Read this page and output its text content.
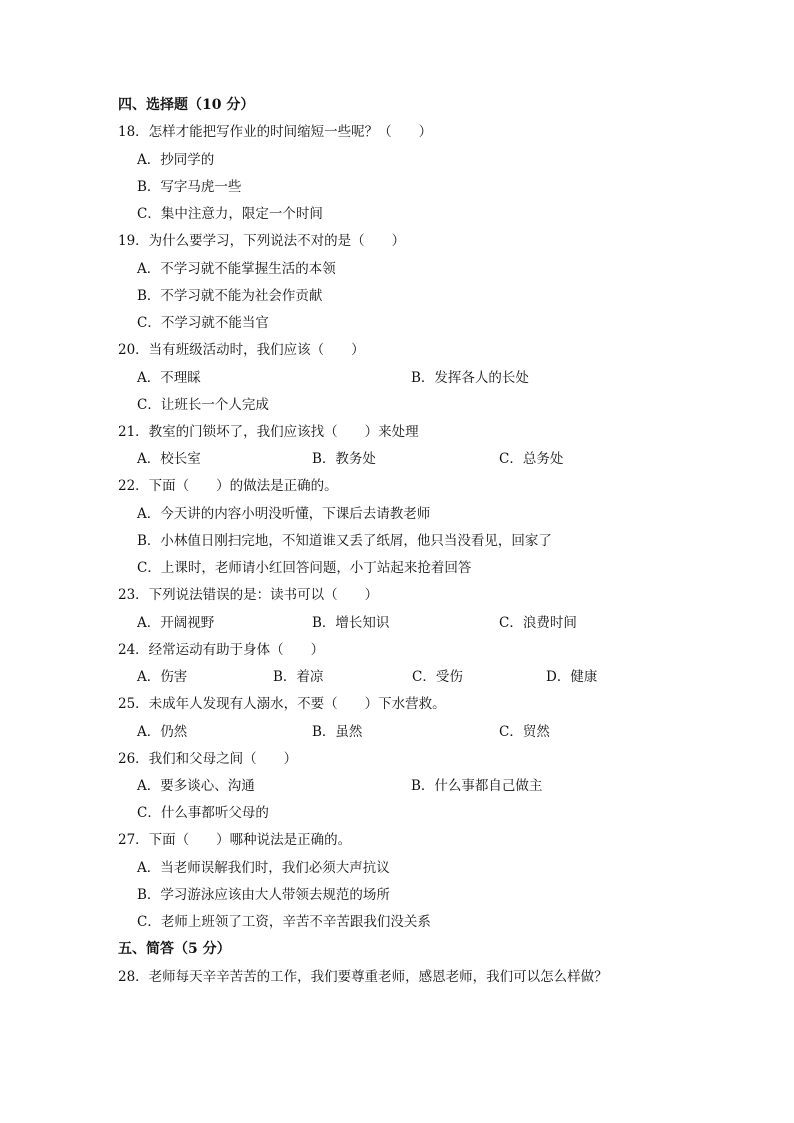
四、选择题（10 分）
18．怎样才能把写作业的时间缩短一些呢？（　　）
A．抄同学的
B．写字马虎一些
C．集中注意力，限定一个时间
19．为什么要学习，下列说法不对的是（　　）
A．不学习就不能掌握生活的本领
B．不学习就不能为社会作贡献
C．不学习就不能当官
20．当有班级活动时，我们应该（　　）
A．不理睬	B．发挥各人的长处
C．让班长一个人完成
21．教室的门锁坏了，我们应该找（　　）来处理
A．校长室	B．教务处	C．总务处
22．下面（　　）的做法是正确的。
A．今天讲的内容小明没听懂，下课后去请教老师
B．小林值日刚扫完地，不知道谁又丢了纸屑，他只当没看见，回家了
C．上课时，老师请小红回答问题，小丁站起来抢着回答
23．下列说法错误的是：读书可以（　　）
A．开阔视野	B．增长知识	C．浪费时间
24．经常运动有助于身体（　　）
A．伤害	B．着凉	C．受伤	D．健康
25．未成年人发现有人溺水，不要（　　）下水营救。
A．仍然	B．虽然	C．贸然
26．我们和父母之间（　　）
A．要多谈心、沟通	B．什么事都自己做主
C．什么事都听父母的
27．下面（　　）哪种说法是正确的。
A．当老师误解我们时，我们必须大声抗议
B．学习游泳应该由大人带领去规范的场所
C．老师上班领了工资，辛苦不辛苦跟我们没关系
五、简答（5 分）
28．老师每天辛辛苦苦的工作，我们要尊重老师，感恩老师，我们可以怎么样做？
